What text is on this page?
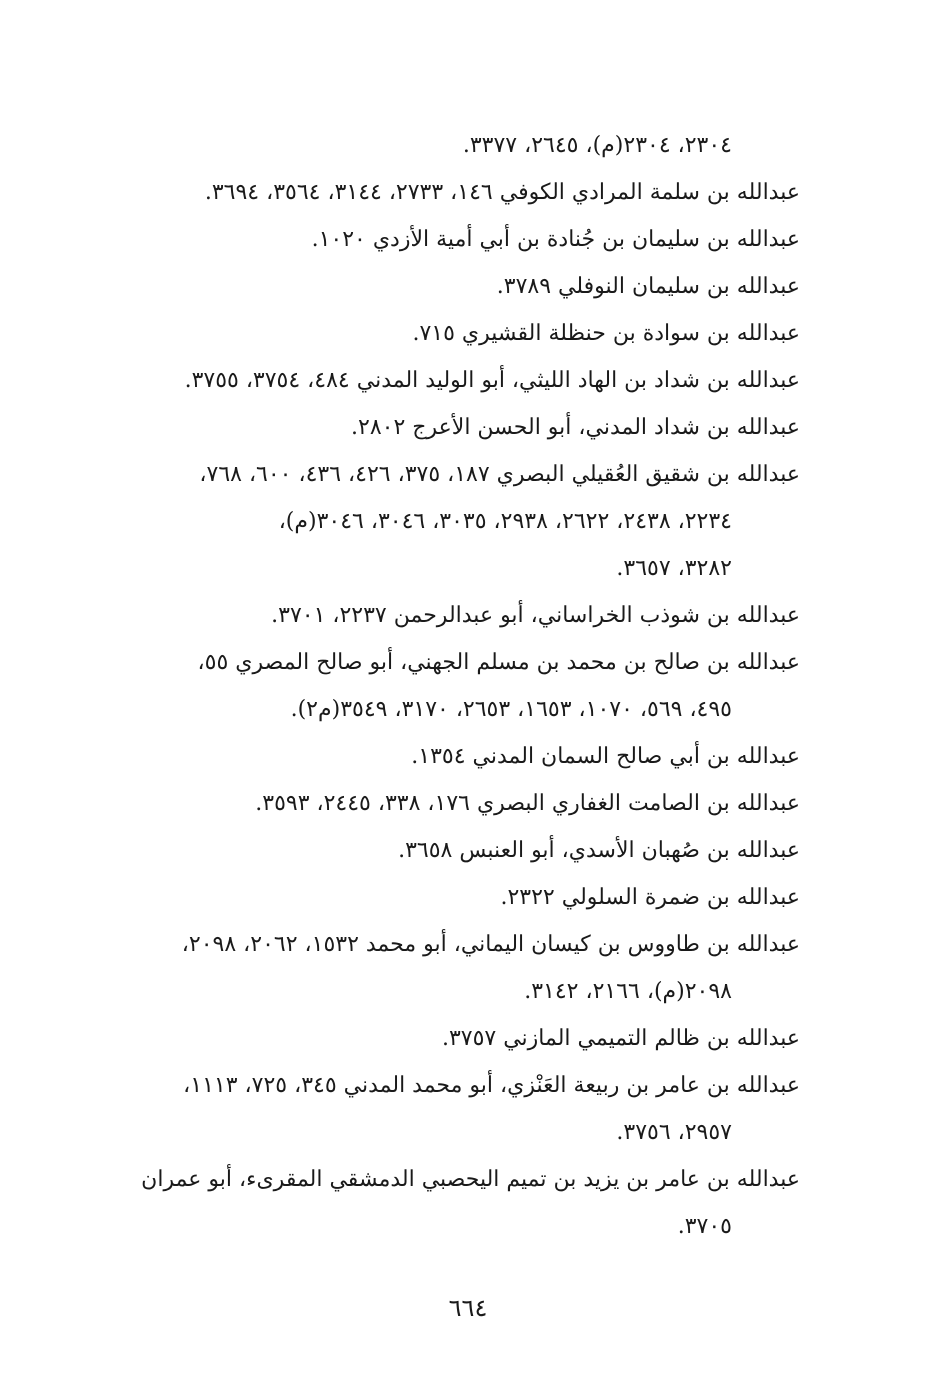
٢٣٠٤، ٢٣٠٤(م)، ٢٦٤٥، ٣٣٧٧.
عبدالله بن سلمة المرادي الكوفي ١٤٦، ٢٧٣٣، ٣١٤٤، ٣٥٦٤، ٣٦٩٤.
عبدالله بن سليمان بن جُنادة بن أبي أمية الأزدي ١٠٢٠.
عبدالله بن سليمان النوفلي ٣٧٨٩.
عبدالله بن سوادة بن حنظلة القشيري ٧١٥.
عبدالله بن شداد بن الهاد الليثي، أبو الوليد المدني ٤٨٤، ٣٧٥٤، ٣٧٥٥.
عبدالله بن شداد المدني، أبو الحسن الأعرج ٢٨٠٢.
عبدالله بن شقيق العُقيلي البصري ١٨٧، ٣٧٥، ٤٢٦، ٤٣٦، ٦٠٠، ٧٦٨،
٢٢٣٤، ٢٤٣٨، ٢٦٢٢، ٢٩٣٨، ٣٠٣٥، ٣٠٤٦، ٣٠٤٦(م)،
٣٢٨٢، ٣٦٥٧.
عبدالله بن شوذب الخراساني، أبو عبدالرحمن ٢٢٣٧، ٣٧٠١.
عبدالله بن صالح بن محمد بن مسلم الجهني، أبو صالح المصري ٥٥،
٤٩٥، ٥٦٩، ١٠٧٠، ١٦٥٣، ٢٦٥٣، ٣١٧٠، ٣٥٤٩(م٢).
عبدالله بن أبي صالح السمان المدني ١٣٥٤.
عبدالله بن الصامت الغفاري البصري ١٧٦، ٣٣٨، ٢٤٤٥، ٣٥٩٣.
عبدالله بن صُهبان الأسدي، أبو العنبس ٣٦٥٨.
عبدالله بن ضمرة السلولي ٢٣٢٢.
عبدالله بن طاووس بن كيسان اليماني، أبو محمد ١٥٣٢، ٢٠٦٢، ٢٠٩٨،
٢٠٩٨(م)، ٢١٦٦، ٣١٤٢.
عبدالله بن ظالم التميمي المازني ٣٧٥٧.
عبدالله بن عامر بن ربيعة العَنْزي، أبو محمد المدني ٣٤٥، ٧٢٥، ١١١٣،
٢٩٥٧، ٣٧٥٦.
عبدالله بن عامر بن يزيد بن تميم اليحصبي الدمشقي المقرىء، أبو عمران
٣٧٠٥.
٦٦٤
